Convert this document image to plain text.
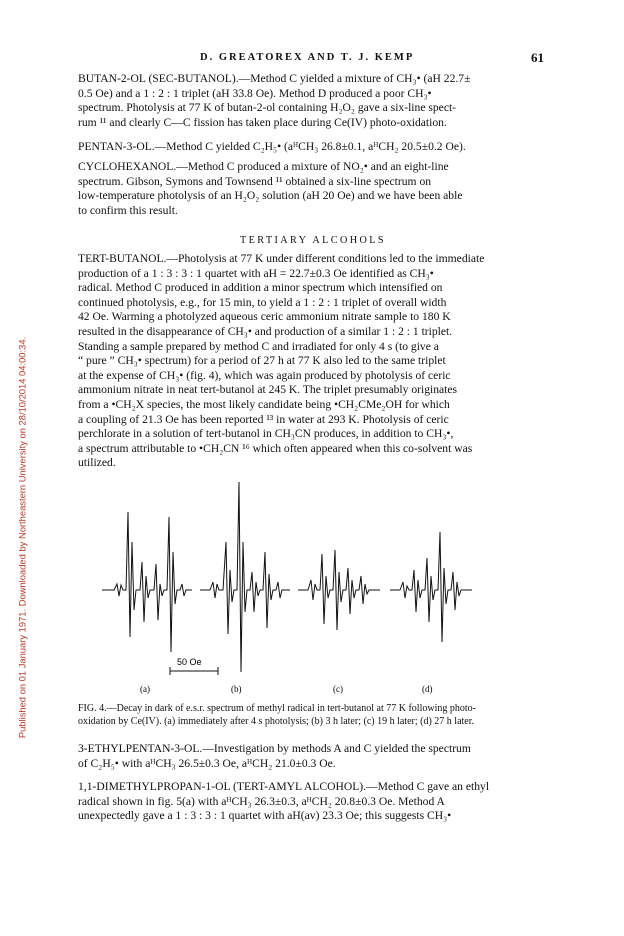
Published on 01 January 1971. Downloaded by Northeastern University on 28/10/2014 04:00:34.
D. GREATOREX AND T. J. KEMP	61
BUTAN-2-OL (SEC-BUTANOL).—Method C yielded a mixture of CH₃• (aH 22.7±
0.5 Oe) and a 1 : 2 : 1 triplet (aH 33.8 Oe). Method D produced a poor CH₃•
spectrum. Photolysis at 77 K of butan-2-ol containing H₂O₂ gave a six-line spect-
rum ¹¹ and clearly C—C fission has taken place during Ce(IV) photo-oxidation.
PENTAN-3-OL.—Method C yielded C₂H₅• (aᴴCH₃ 26.8±0.1, aᴴCH₂ 20.5±0.2 Oe).
CYCLOHEXANOL.—Method C produced a mixture of NO₂• and an eight-line
spectrum. Gibson, Symons and Townsend ¹¹ obtained a six-line spectrum on
low-temperature photolysis of an H₂O₂ solution (aH 20 Oe) and we have been able
to confirm this result.
TERTIARY ALCOHOLS
TERT-BUTANOL.—Photolysis at 77 K under different conditions led to the immediate
production of a 1 : 3 : 3 : 1 quartet with aH = 22.7±0.3 Oe identified as CH₃•
radical. Method C produced in addition a minor spectrum which intensified on
continued photolysis, e.g., for 15 min, to yield a 1 : 2 : 1 triplet of overall width
42 Oe. Warming a photolyzed aqueous ceric ammonium nitrate sample to 180 K
resulted in the disappearance of CH₃• and production of a similar 1 : 2 : 1 triplet.
Standing a sample prepared by method C and irradiated for only 4 s (to give a
“ pure ” CH₃• spectrum) for a period of 27 h at 77 K also led to the same triplet
at the expense of CH₃• (fig. 4), which was again produced by photolysis of ceric
ammonium nitrate in neat tert-butanol at 245 K. The triplet presumably originates
from a •CH₂X species, the most likely candidate being •CH₂CMe₂OH for which
a coupling of 21.3 Oe has been reported ¹³ in water at 293 K. Photolysis of ceric
perchlorate in a solution of tert-butanol in CH₃CN produces, in addition to CH₃•,
a spectrum attributable to •CH₂CN ¹⁶ which often appeared when this co-solvent was
utilized.
50 Oe
(a)	(b)	(c)	(d)
FIG. 4.—Decay in dark of e.s.r. spectrum of methyl radical in tert-butanol at 77 K following photo-
oxidation by Ce(IV). (a) immediately after 4 s photolysis; (b) 3 h later; (c) 19 h later; (d) 27 h later.
3-ETHYLPENTAN-3-OL.—Investigation by methods A and C yielded the spectrum
of C₂H₅• with aᴴCH₃ 26.5±0.3 Oe, aᴴCH₂ 21.0±0.3 Oe.
1,1-DIMETHYLPROPAN-1-OL (TERT-AMYL ALCOHOL).—Method C gave an ethyl
radical shown in fig. 5(a) with aᴴCH₃ 26.3±0.3, aᴴCH₂ 20.8±0.3 Oe. Method A
unexpectedly gave a 1 : 3 : 3 : 1 quartet with aH(av) 23.3 Oe; this suggests CH₃•
